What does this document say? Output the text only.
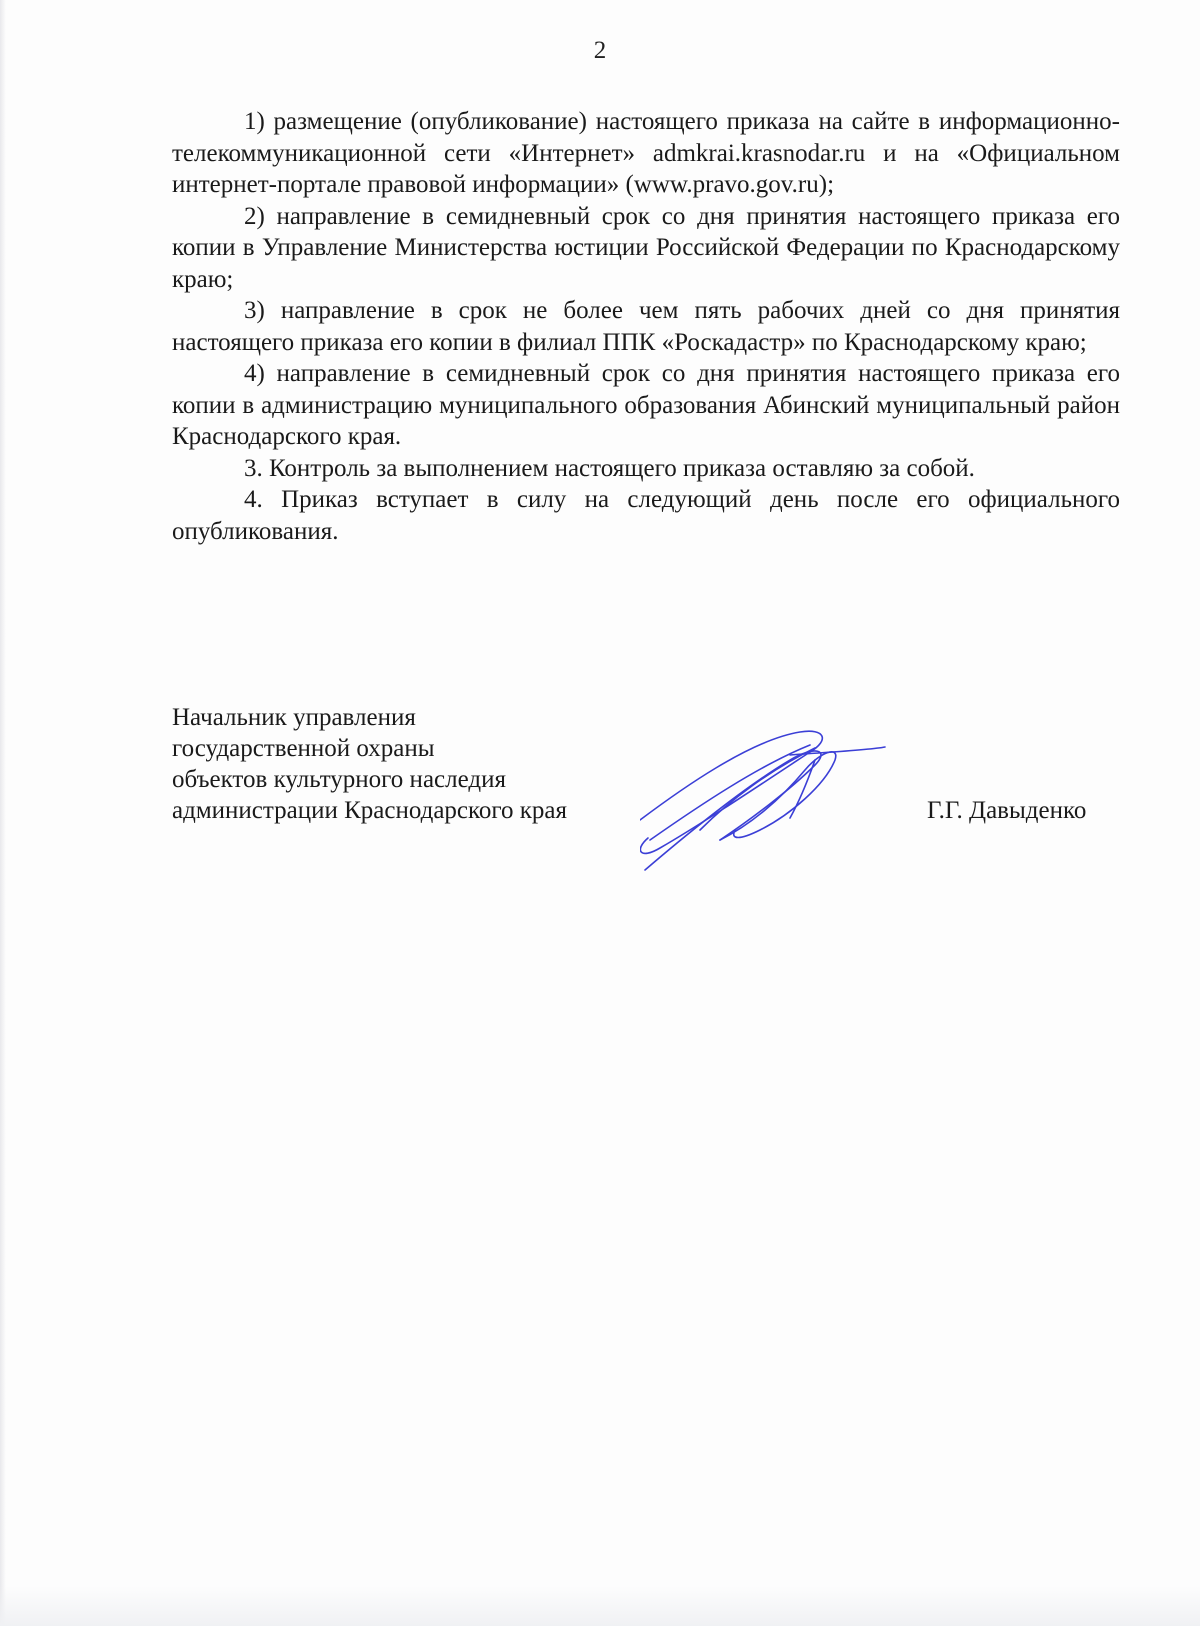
2

1) размещение (опубликование) настоящего приказа на сайте в информационно-телекоммуникационной сети «Интернет» admkrai.krasnodar.ru и на «Официальном интернет-портале правовой информации» (www.pravo.gov.ru);

2) направление в семидневный срок со дня принятия настоящего приказа его копии в Управление Министерства юстиции Российской Федерации по Краснодарскому краю;

3) направление в срок не более чем пять рабочих дней со дня принятия настоящего приказа его копии в филиал ППК «Роскадастр» по Краснодарскому краю;

4) направление в семидневный срок со дня принятия настоящего приказа его копии в администрацию муниципального образования Абинский муниципальный район Краснодарского края.

3. Контроль за выполнением настоящего приказа оставляю за собой.

4. Приказ вступает в силу на следующий день после его официального опубликования.

Начальник управления
государственной охраны
объектов культурного наследия
администрации Краснодарского края	Г.Г. Давыденко
